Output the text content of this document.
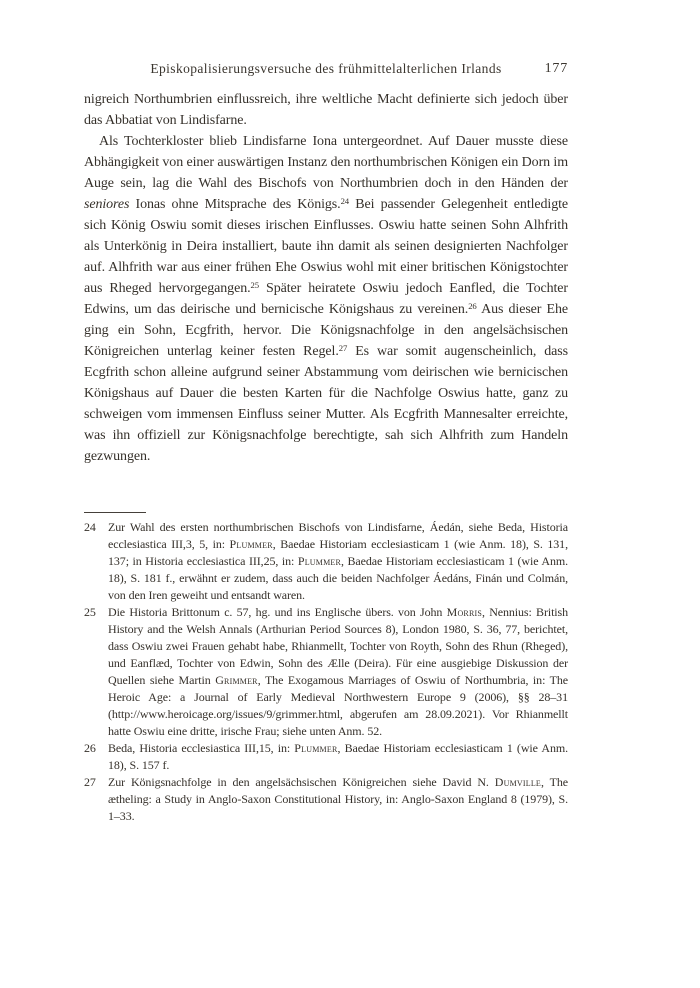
Episkopalisierungsversuche des frühmittelalterlichen Irlands	177

nigreich Northumbrien einflussreich, ihre weltliche Macht definierte sich jedoch über das Abbatiat von Lindisfarne.

Als Tochterkloster blieb Lindisfarne Iona untergeordnet. Auf Dauer musste diese Abhängigkeit von einer auswärtigen Instanz den northumbrischen Königen ein Dorn im Auge sein, lag die Wahl des Bischofs von Northumbrien doch in den Händen der seniores Ionas ohne Mitsprache des Königs.$^{24}$ Bei passender Gelegenheit entledigte sich König Oswiu somit dieses irischen Einflusses. Oswiu hatte seinen Sohn Alhfrith als Unterkönig in Deira installiert, baute ihn damit als seinen designierten Nachfolger auf. Alhfrith war aus einer frühen Ehe Oswius wohl mit einer britischen Königstochter aus Rheged hervorgegangen.$^{25}$ Später heiratete Oswiu jedoch Eanfled, die Tochter Edwins, um das deirische und bernicische Königshaus zu vereinen.$^{26}$ Aus dieser Ehe ging ein Sohn, Ecgfrith, hervor. Die Königsnachfolge in den angelsächsischen Königreichen unterlag keiner festen Regel.$^{27}$ Es war somit augenscheinlich, dass Ecgfrith schon alleine aufgrund seiner Abstammung vom deirischen wie bernicischen Königshaus auf Dauer die besten Karten für die Nachfolge Oswius hatte, ganz zu schweigen vom immensen Einfluss seiner Mutter. Als Ecgfrith Mannesalter erreichte, was ihn offiziell zur Königsnachfolge berechtigte, sah sich Alhfrith zum Handeln gezwungen.

24 Zur Wahl des ersten northumbrischen Bischofs von Lindisfarne, Áedán, siehe Beda, Historia ecclesiastica III,3, 5, in: Plummer, Baedae Historiam ecclesiasticam 1 (wie Anm. 18), S. 131, 137; in Historia ecclesiastica III,25, in: Plummer, Baedae Historiam ecclesiasticam 1 (wie Anm. 18), S. 181 f., erwähnt er zudem, dass auch die beiden Nachfolger Áedáns, Finán und Colmán, von den Iren geweiht und entsandt waren.

25 Die Historia Brittonum c. 57, hg. und ins Englische übers. von John Morris, Nennius: British History and the Welsh Annals (Arthurian Period Sources 8), London 1980, S. 36, 77, berichtet, dass Oswiu zwei Frauen gehabt habe, Rhianmellt, Tochter von Royth, Sohn des Rhun (Rheged), und Eanflæd, Tochter von Edwin, Sohn des Ælle (Deira). Für eine ausgiebige Diskussion der Quellen siehe Martin Grimmer, The Exogamous Marriages of Oswiu of Northumbria, in: The Heroic Age: a Journal of Early Medieval Northwestern Europe 9 (2006), §§ 28–31 (http://www.heroicage.org/issues/9/grimmer.html, abgerufen am 28.09.2021). Vor Rhianmellt hatte Oswiu eine dritte, irische Frau; siehe unten Anm. 52.

26 Beda, Historia ecclesiastica III,15, in: Plummer, Baedae Historiam ecclesiasticam 1 (wie Anm. 18), S. 157 f.

27 Zur Königsnachfolge in den angelsächsischen Königreichen siehe David N. Dumville, The ætheling: a Study in Anglo-Saxon Constitutional History, in: Anglo-Saxon England 8 (1979), S. 1–33.
